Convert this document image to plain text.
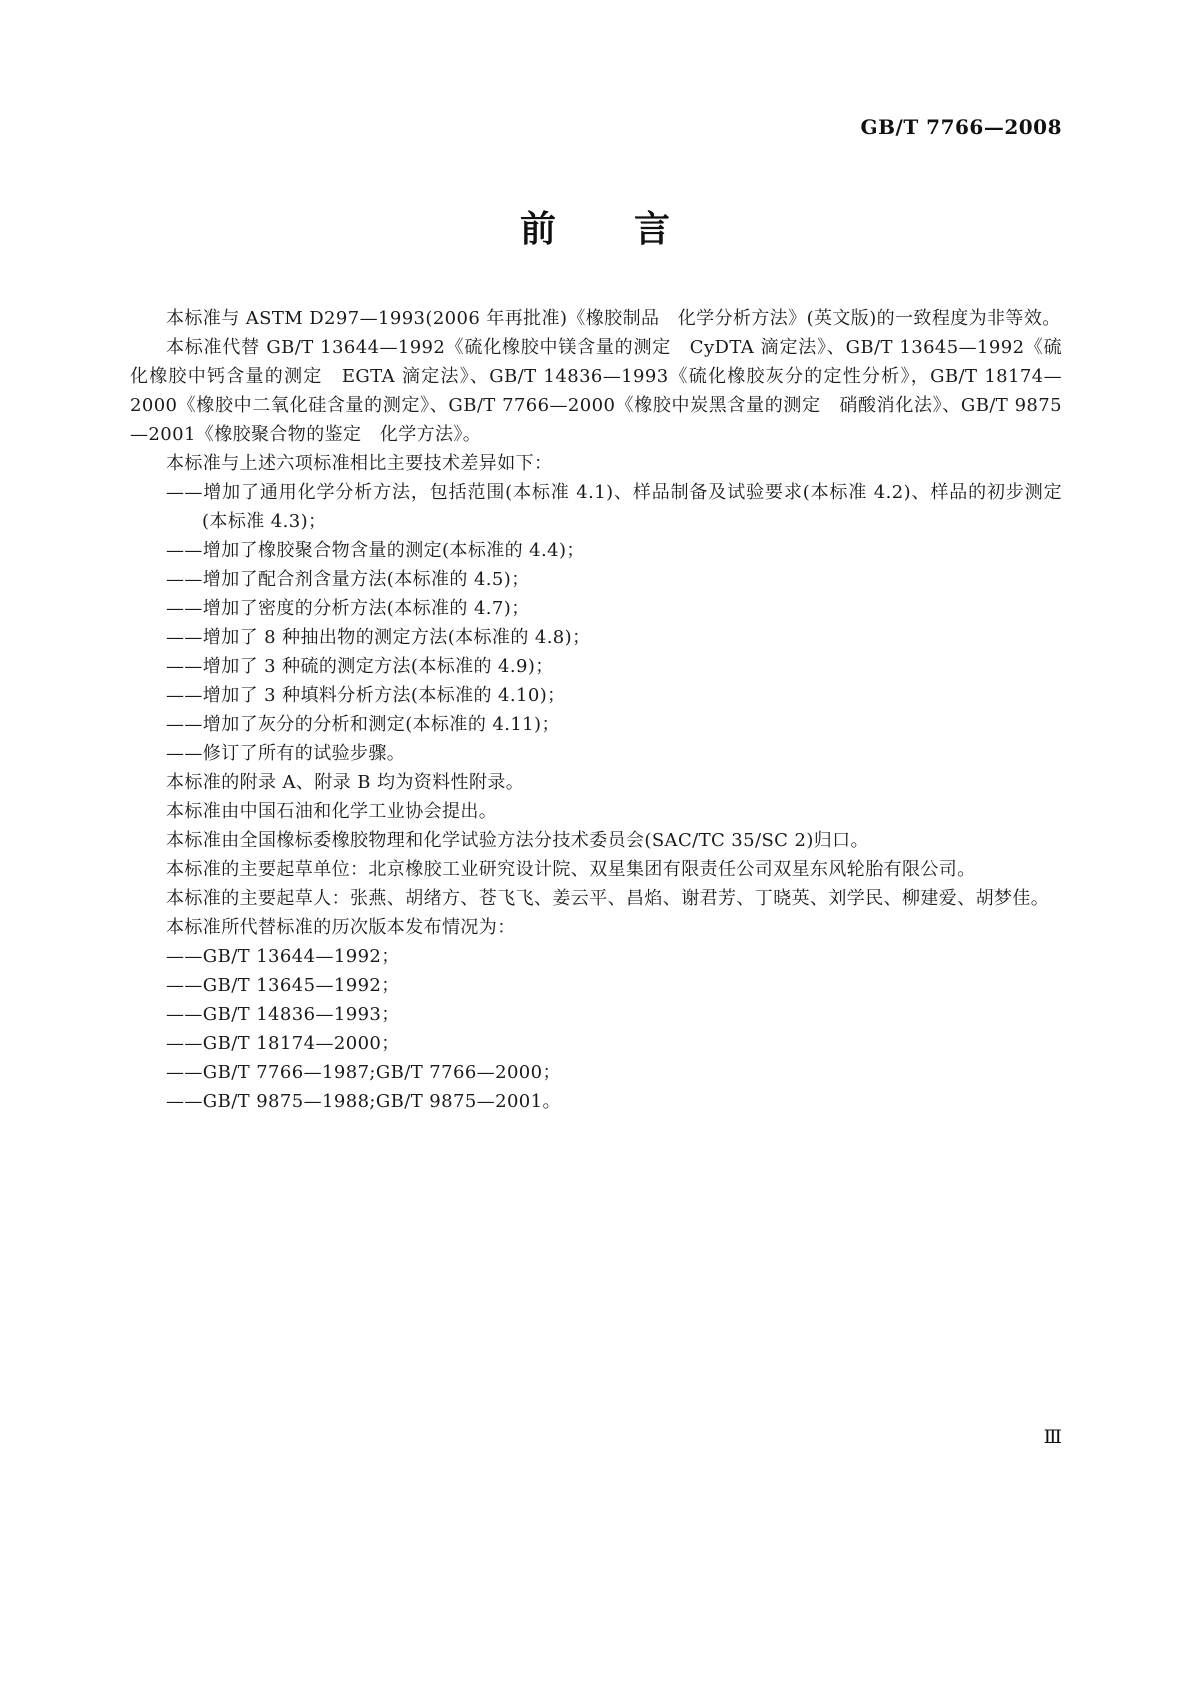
GB/T 7766—2008
前　　言

本标准与 ASTM D297—1993(2006 年再批准)《橡胶制品　化学分析方法》(英文版)的一致程度为非等效。

本标准代替 GB/T 13644—1992《硫化橡胶中镁含量的测定　CyDTA 滴定法》、GB/T 13645—1992《硫化橡胶中钙含量的测定　EGTA 滴定法》、GB/T 14836—1993《硫化橡胶灰分的定性分析》，GB/T 18174—2000《橡胶中二氧化硅含量的测定》、GB/T 7766—2000《橡胶中炭黑含量的测定　硝酸消化法》、GB/T 9875—2001《橡胶聚合物的鉴定　化学方法》。

本标准与上述六项标准相比主要技术差异如下：

——增加了通用化学分析方法，包括范围(本标准 4.1)、样品制备及试验要求(本标准 4.2)、样品的初步测定(本标准 4.3)；

——增加了橡胶聚合物含量的测定(本标准的 4.4)；

——增加了配合剂含量方法(本标准的 4.5)；

——增加了密度的分析方法(本标准的 4.7)；

——增加了 8 种抽出物的测定方法(本标准的 4.8)；

——增加了 3 种硫的测定方法(本标准的 4.9)；

——增加了 3 种填料分析方法(本标准的 4.10)；

——增加了灰分的分析和测定(本标准的 4.11)；

——修订了所有的试验步骤。

本标准的附录 A、附录 B 均为资料性附录。

本标准由中国石油和化学工业协会提出。

本标准由全国橡标委橡胶物理和化学试验方法分技术委员会(SAC/TC 35/SC 2)归口。

本标准的主要起草单位：北京橡胶工业研究设计院、双星集团有限责任公司双星东风轮胎有限公司。

本标准的主要起草人：张燕、胡绪方、苍飞飞、姜云平、昌焰、谢君芳、丁晓英、刘学民、柳建爱、胡梦佳。

本标准所代替标准的历次版本发布情况为：

——GB/T 13644—1992；

——GB/T 13645—1992；

——GB/T 14836—1993；

——GB/T 18174—2000；

——GB/T 7766—1987;GB/T 7766—2000；

——GB/T 9875—1988;GB/T 9875—2001。

Ⅲ
